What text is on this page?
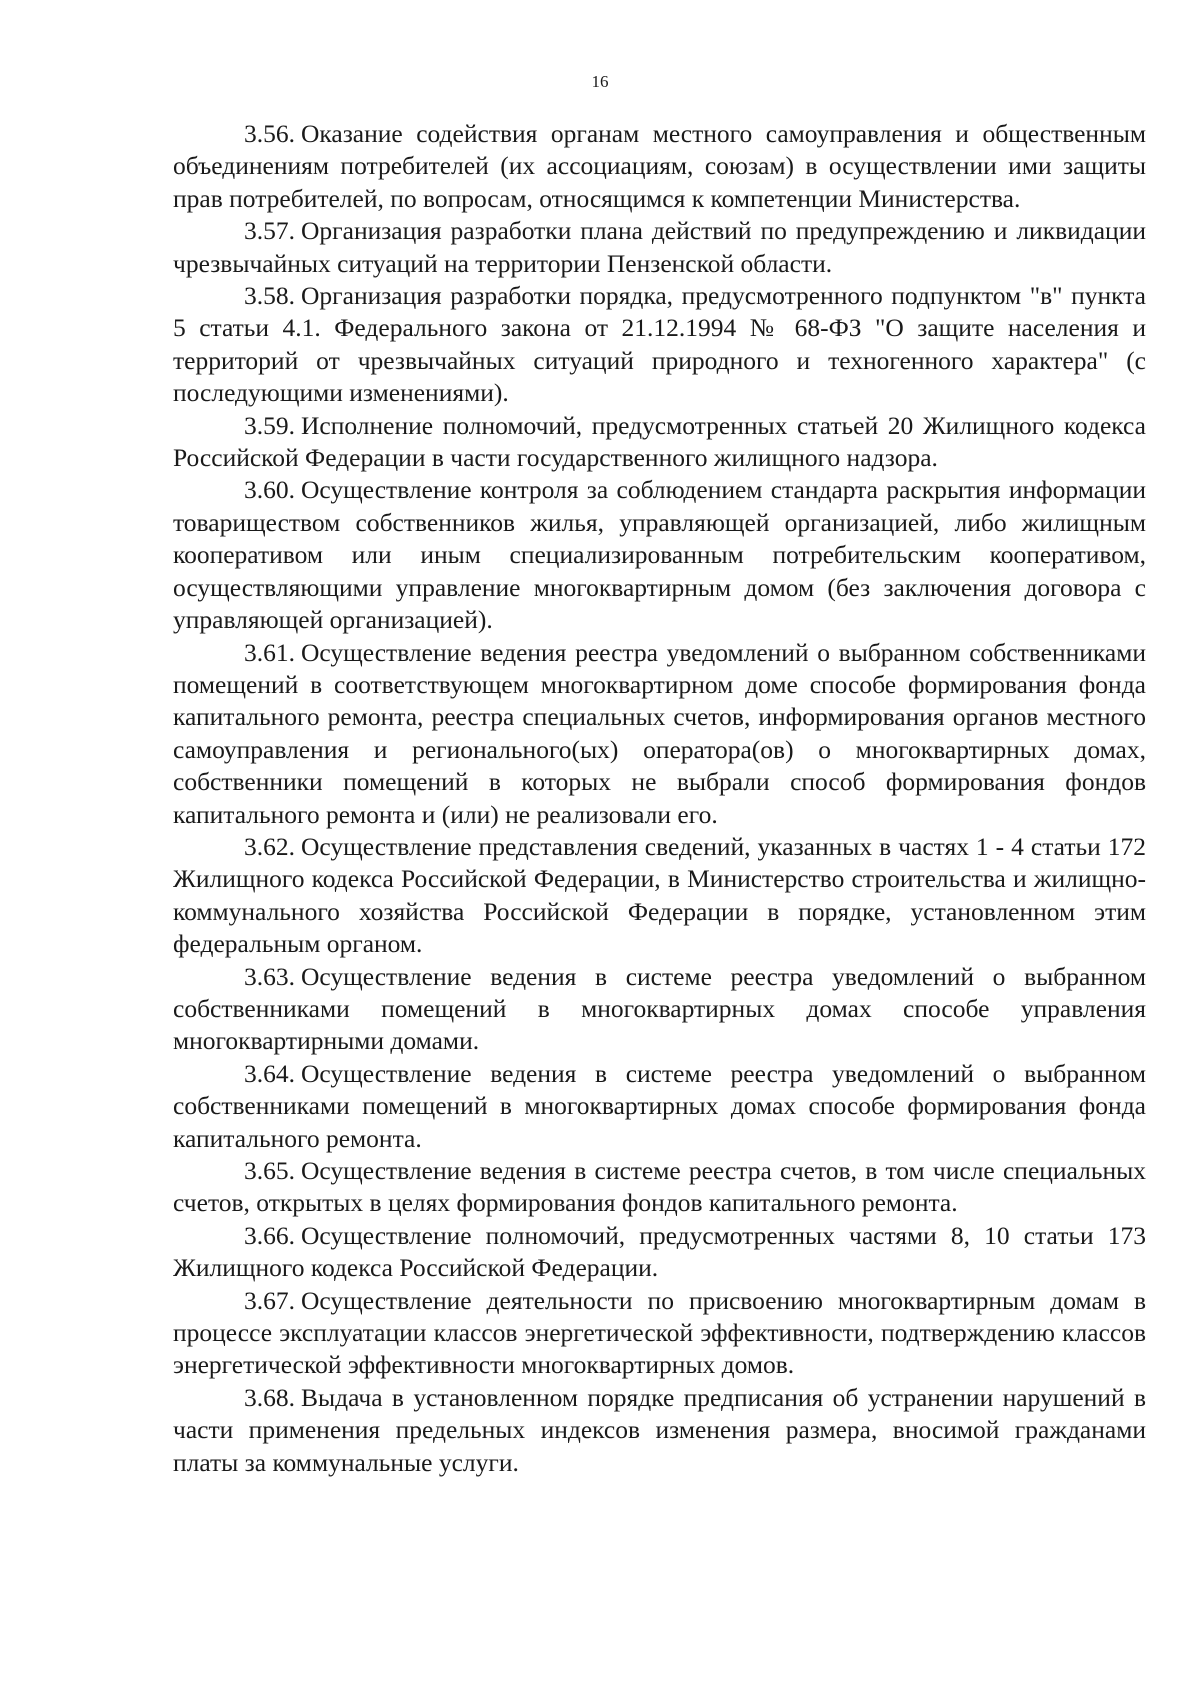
16

3.56. Оказание содействия органам местного самоуправления и общественным объединениям потребителей (их ассоциациям, союзам) в осуществлении ими защиты прав потребителей, по вопросам, относящимся к компетенции Министерства.

3.57. Организация разработки плана действий по предупреждению и ликвидации чрезвычайных ситуаций на территории Пензенской области.

3.58. Организация разработки порядка, предусмотренного подпунктом "в" пункта 5 статьи 4.1. Федерального закона от 21.12.1994 № 68-ФЗ "О защите населения и территорий от чрезвычайных ситуаций природного и техногенного характера" (с последующими изменениями).

3.59. Исполнение полномочий, предусмотренных статьей 20 Жилищного кодекса Российской Федерации в части государственного жилищного надзора.

3.60. Осуществление контроля за соблюдением стандарта раскрытия информации товариществом собственников жилья, управляющей организацией, либо жилищным кооперативом или иным специализированным потребительским кооперативом, осуществляющими управление многоквартирным домом (без заключения договора с управляющей организацией).

3.61. Осуществление ведения реестра уведомлений о выбранном собственниками помещений в соответствующем многоквартирном доме способе формирования фонда капитального ремонта, реестра специальных счетов, информирования органов местного самоуправления и регионального(ых) оператора(ов) о многоквартирных домах, собственники помещений в которых не выбрали способ формирования фондов капитального ремонта и (или) не реализовали его.

3.62. Осуществление представления сведений, указанных в частях 1 - 4 статьи 172 Жилищного кодекса Российской Федерации, в Министерство строительства и жилищно-коммунального хозяйства Российской Федерации в порядке, установленном этим федеральным органом.

3.63. Осуществление ведения в системе реестра уведомлений о выбранном собственниками помещений в многоквартирных домах способе управления многоквартирными домами.

3.64. Осуществление ведения в системе реестра уведомлений о выбранном собственниками помещений в многоквартирных домах способе формирования фонда капитального ремонта.

3.65. Осуществление ведения в системе реестра счетов, в том числе специальных счетов, открытых в целях формирования фондов капитального ремонта.

3.66. Осуществление полномочий, предусмотренных частями 8, 10 статьи 173 Жилищного кодекса Российской Федерации.

3.67. Осуществление деятельности по присвоению многоквартирным домам в процессе эксплуатации классов энергетической эффективности, подтверждению классов энергетической эффективности многоквартирных домов.

3.68. Выдача в установленном порядке предписания об устранении нарушений в части применения предельных индексов изменения размера, вносимой гражданами платы за коммунальные услуги.
